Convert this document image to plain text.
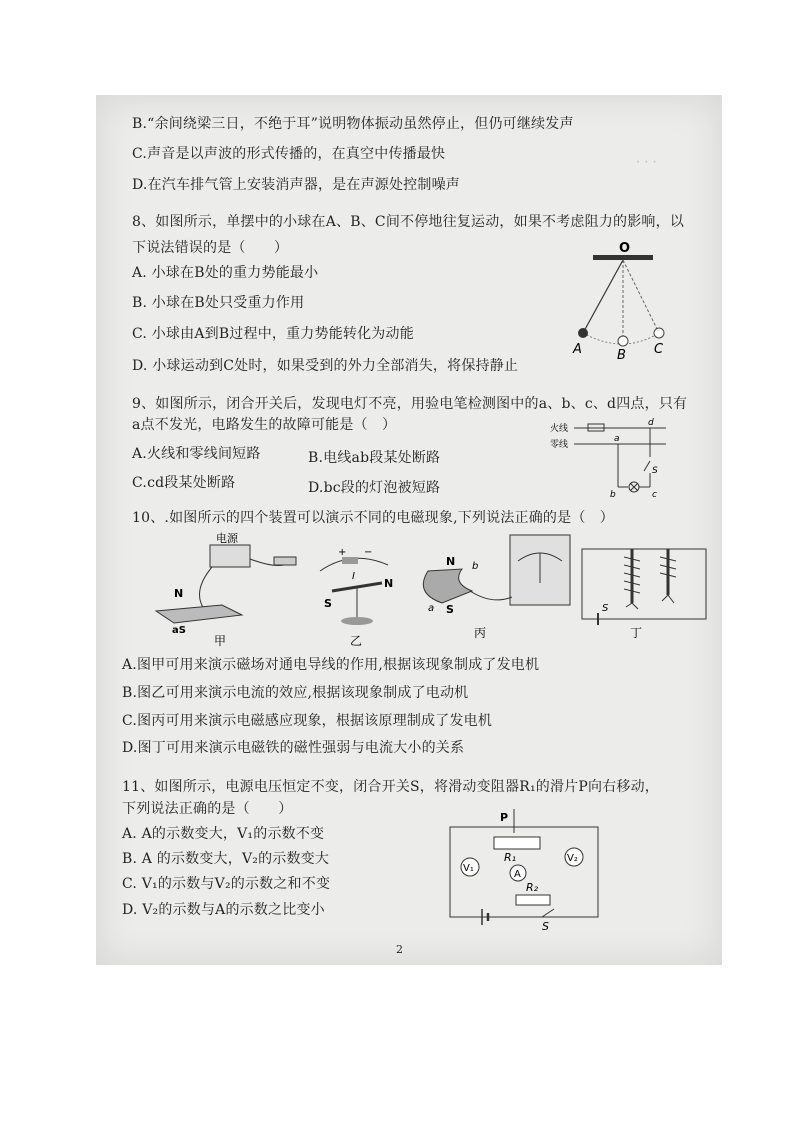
· · ·
B.“余间绕梁三日，不绝于耳”说明物体振动虽然停止，但仍可继续发声
C.声音是以声波的形式传播的，在真空中传播最快
D.在汽车排气管上安装消声器，是在声源处控制噪声
8、如图所示，单摆中的小球在A、B、C间不停地往复运动，如果不考虑阻力的影响，以
下说法错误的是（　　）
A. 小球在B处的重力势能最小
B. 小球在B处只受重力作用
C. 小球由A到B过程中，重力势能转化为动能
D. 小球运动到C处时，如果受到的外力全部消失，将保持静止
O
A	B C
9、如图所示，闭合开关后，发现电灯不亮，用验电笔检测图中的a、b、c、d四点，只有
a点不发光，电路发生的故障可能是（　）
A.火线和零线间短路	B.电线ab段某处断路
C.cd段某处断路	D.bc段的灯泡被短路
火线
零线
d
a
S
b	c
10、.如图所示的四个装置可以演示不同的电磁现象,下列说法正确的是（　）
电源
N
aS
甲
+ −
I
S
N
乙
N b
a S
丙
S
丁
A.图甲可用来演示磁场对通电导线的作用,根据该现象制成了发电机
B.图乙可用来演示电流的效应,根据该现象制成了电动机
C.图丙可用来演示电磁感应现象，根据该原理制成了发电机
D.图丁可用来演示电磁铁的磁性强弱与电流大小的关系
11、如图所示，电源电压恒定不变，闭合开关S，将滑动变阻器R₁的滑片P向右移动，
下列说法正确的是（　　）
A. A的示数变大，V₁的示数不变
B. A 的示数变大，V₂的示数变大
C. V₁的示数与V₂的示数之和不变
D. V₂的示数与A的示数之比变小
P
R₁
V₁
A
V₂
R₂
S
2
